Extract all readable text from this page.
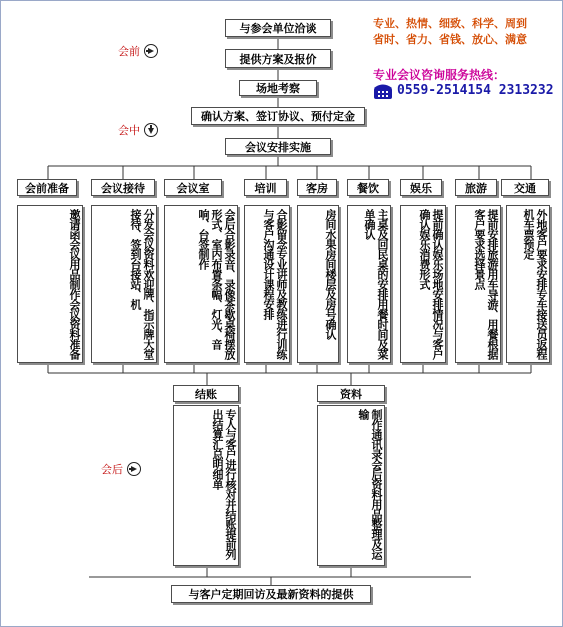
会前
会中
会后
专业、热情、细致、科学、周到
省时、省力、省钱、放心、满意
专业会议咨询服务热线：
0559-2514154 2313232
与参会单位洽谈
提供方案及报价
场地考察
确认方案、签订协议、预付定金
会议安排实施
会前准备	会议接待	会议室	培训	客房	餐饮	娱乐	旅游	交通
邀请函会议用品制作会议资料准备	分发会议资料欢迎牌、指示牌大堂接待、签到台接站、机	会后合影录音、录像茶歇桌椅摆放形式、室内布置条幅、灯光、音响、台签制作	合影留念专业讲师及教练进行训练与客户沟通设计课程安排	房间水果房间楼层及房号确认	主桌及回民桌的安排用餐时间及菜单确认	提前确认娱乐场地安排情况与客户确认娱乐消费形式	提前安排旅游用车导游、用餐根据客户要求选择景点	外地客户要求安排专车接送员返程机车票预定
结账
专人与客户进行核对并结账提前列出结算汇总明细单
资料
制作通讯录会后资料用品整理及运输
与客户定期回访及最新资料的提供
